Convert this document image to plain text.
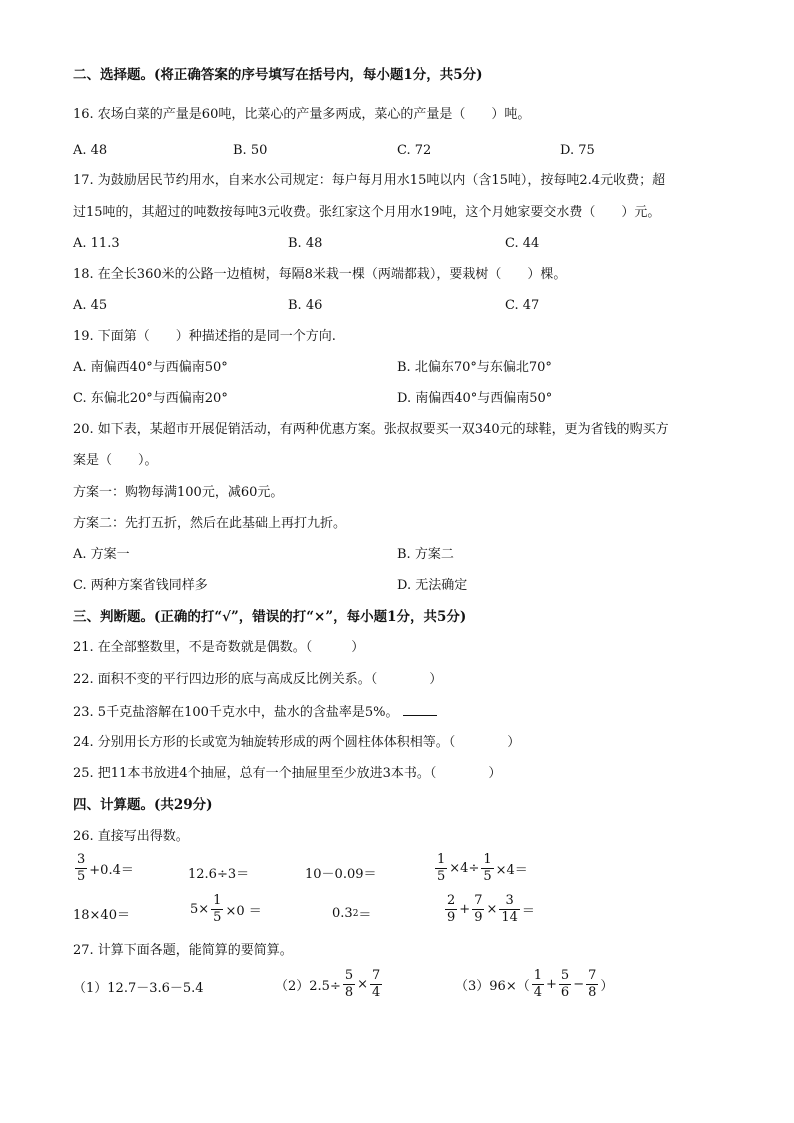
二、选择题。(将正确答案的序号填写在括号内，每小题1分，共5分)
16. 农场白菜的产量是60吨，比菜心的产量多两成，菜心的产量是（　　）吨。
A. 48	B. 50	C. 72	D. 75
17. 为鼓励居民节约用水，自来水公司规定：每户每月用水15吨以内（含15吨），按每吨2.4元收费；超
过15吨的，其超过的吨数按每吨3元收费。张红家这个月用水19吨，这个月她家要交水费（　　）元。
A. 11.3	B. 48	C. 44
18. 在全长360米的公路一边植树，每隔8米栽一棵（两端都栽），要栽树（　　）棵。
A. 45	B. 46	C. 47
19. 下面第（　　）种描述指的是同一个方向.
A. 南偏西40°与西偏南50°	B. 北偏东70°与东偏北70°
C. 东偏北20°与西偏南20°	D. 南偏西40°与西偏南50°
20. 如下表，某超市开展促销活动，有两种优惠方案。张叔叔要买一双340元的球鞋，更为省钱的购买方
案是（　　）。
方案一：购物每满100元，减60元。
方案二：先打五折，然后在此基础上再打九折。
A. 方案一	B. 方案二
C. 两种方案省钱同样多	D. 无法确定
三、判断题。(正确的打“√”，错误的打“×”，每小题1分，共5分)
21. 在全部整数里，不是奇数就是偶数。（　　　）
22. 面积不变的平行四边形的底与高成反比例关系。（　　　　）
23. 5千克盐溶解在100千克水中，盐水的含盐率是5%。
24. 分别用长方形的长或宽为轴旋转形成的两个圆柱体体积相等。（　　　　）
25. 把11本书放进4个抽屉，总有一个抽屉里至少放进3本书。（　　　　）
四、计算题。(共29分)
26. 直接写出得数。
$\frac{3}{5} +0.4=$	12.6÷3＝	10－0.09＝	$\frac{1}{5} \times 4\div \frac{1}{5} \times 4=$
18×40＝	$5\times \frac{1}{5} \times 0$ ＝	0.3 2 ＝	$\frac{2}{9} + \frac{7}{9} \times \frac{3}{14}$ ＝
27. 计算下面各题，能简算的要简算。
（1）12.7－3.6－5.4	$(2)2.5\div \frac{5}{8} \times \frac{7}{4}$	$(3)96\times( \frac{1}{4} + \frac{5}{6} - \frac{7}{8}$ ）
